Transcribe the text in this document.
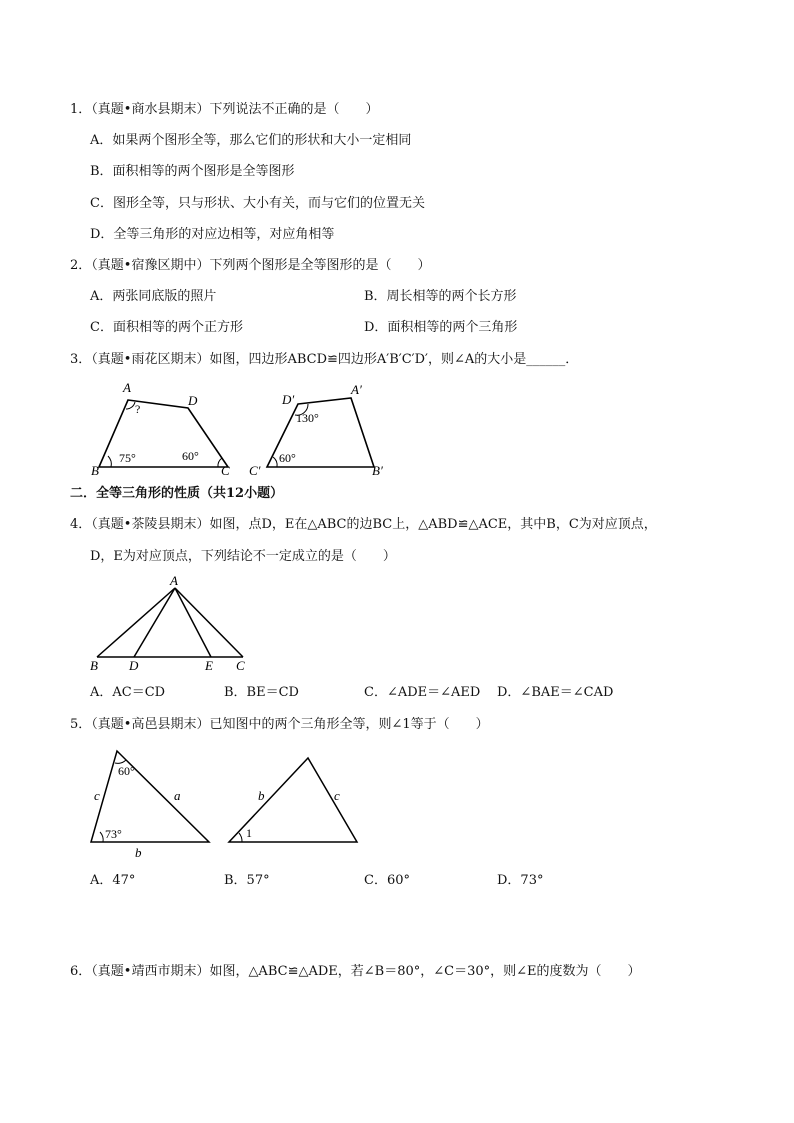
1．（真题•商水县期末）下列说法不正确的是（　　）
A．如果两个图形全等，那么它们的形状和大小一定相同
B．面积相等的两个图形是全等图形
C．图形全等，只与形状、大小有关，而与它们的位置无关
D．全等三角形的对应边相等，对应角相等
2．（真题•宿豫区期中）下列两个图形是全等图形的是（　　）
A．两张同底版的照片	B．周长相等的两个长方形
C．面积相等的两个正方形	D．面积相等的两个三角形
3．（真题•雨花区期末）如图，四边形ABCD≌四边形A′B′C′D′，则∠A的大小是______．
A
D
B	C
?
75°	60°
D′
A′
C′	B′
130°
60°
二．全等三角形的性质（共12小题）
4．（真题•茶陵县期末）如图，点D，E在△ABC的边BC上，△ABD≌△ACE，其中B，C为对应顶点，
D，E为对应顶点，下列结论不一定成立的是（　　）
A
B D	E C
A．AC＝CD	B．BE＝CD	C．∠ADE＝∠AED D．∠BAE＝∠CAD
5．（真题•高邑县期末）已知图中的两个三角形全等，则∠1等于（　　）
60°
73°
c	a
b
b	c
1
A．47°	B．57°	C．60°	D．73°
6．（真题•靖西市期末）如图，△ABC≌△ADE，若∠B＝80°，∠C＝30°，则∠E的度数为（　　）
